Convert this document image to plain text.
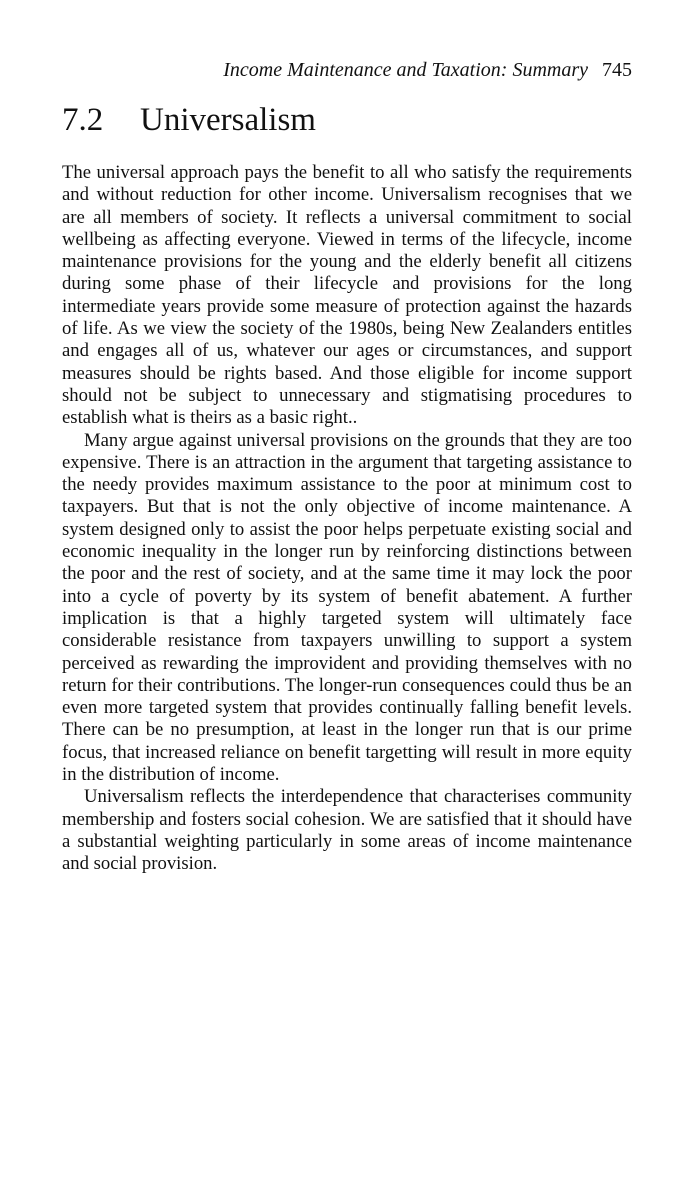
Income Maintenance and Taxation: Summary 745
7.2 Universalism

The universal approach pays the benefit to all who satisfy the requirements and without reduction for other income. Universalism recognises that we are all members of society. It reflects a universal commitment to social wellbeing as affecting everyone. Viewed in terms of the lifecycle, income maintenance provisions for the young and the elderly benefit all citizens during some phase of their lifecycle and provisions for the long intermediate years provide some measure of protection against the hazards of life. As we view the society of the 1980s, being New Zealanders entitles and engages all of us, whatever our ages or circumstances, and support measures should be rights based. And those eligible for income support should not be subject to unnecessary and stigmatising procedures to establish what is theirs as a basic right..

Many argue against universal provisions on the grounds that they are too expensive. There is an attraction in the argument that targeting assistance to the needy provides maximum assistance to the poor at minimum cost to taxpayers. But that is not the only objective of income maintenance. A system designed only to assist the poor helps perpetuate existing social and economic inequality in the longer run by reinforcing distinctions between the poor and the rest of society, and at the same time it may lock the poor into a cycle of poverty by its system of benefit abatement. A further implication is that a highly targeted system will ultimately face considerable resistance from taxpayers unwilling to support a system perceived as rewarding the improvident and providing themselves with no return for their contributions. The longer-run consequences could thus be an even more targeted system that provides continually falling benefit levels. There can be no presumption, at least in the longer run that is our prime focus, that increased reliance on benefit targetting will result in more equity in the distribution of income.

Universalism reflects the interdependence that characterises community membership and fosters social cohesion. We are satisfied that it should have a substantial weighting particularly in some areas of income maintenance and social provision.
